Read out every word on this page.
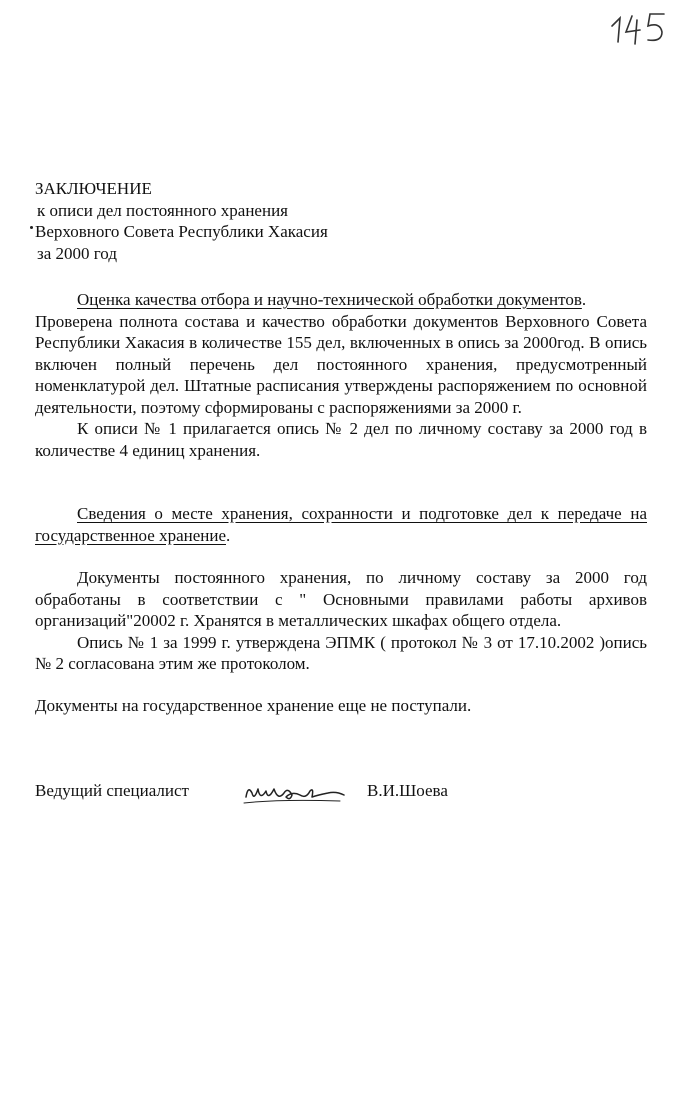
ЗАКЛЮЧЕНИЕ
к описи дел постоянного хранения
Верховного Совета Республики Хакасия
за 2000 год

Оценка качества отбора и научно-технической обработки документов.

Проверена полнота состава и качество обработки документов Верховного Совета Республики Хакасия в количестве 155 дел, включенных в опись за 2000год. В опись включен полный перечень дел постоянного хранения, предусмотренный номенклатурой дел. Штатные расписания утверждены распоряжением по основной деятельности, поэтому сформированы с распоряжениями за 2000 г.

К описи № 1 прилагается опись № 2 дел по личному составу за 2000 год в количестве 4 единиц хранения.

Сведения о месте хранения, сохранности и подготовке дел к передаче на государственное хранение.

Документы постоянного хранения, по личному составу за 2000 год обработаны в соответствии с " Основными правилами работы архивов организаций"20002 г. Хранятся в металлических шкафах общего отдела.

Опись № 1 за 1999 г. утверждена ЭПМК ( протокол № 3 от 17.10.2002 )опись № 2 согласована этим же протоколом.

Документы на государственное хранение еще не поступали.

Ведущий специалист	В.И.Шоева
